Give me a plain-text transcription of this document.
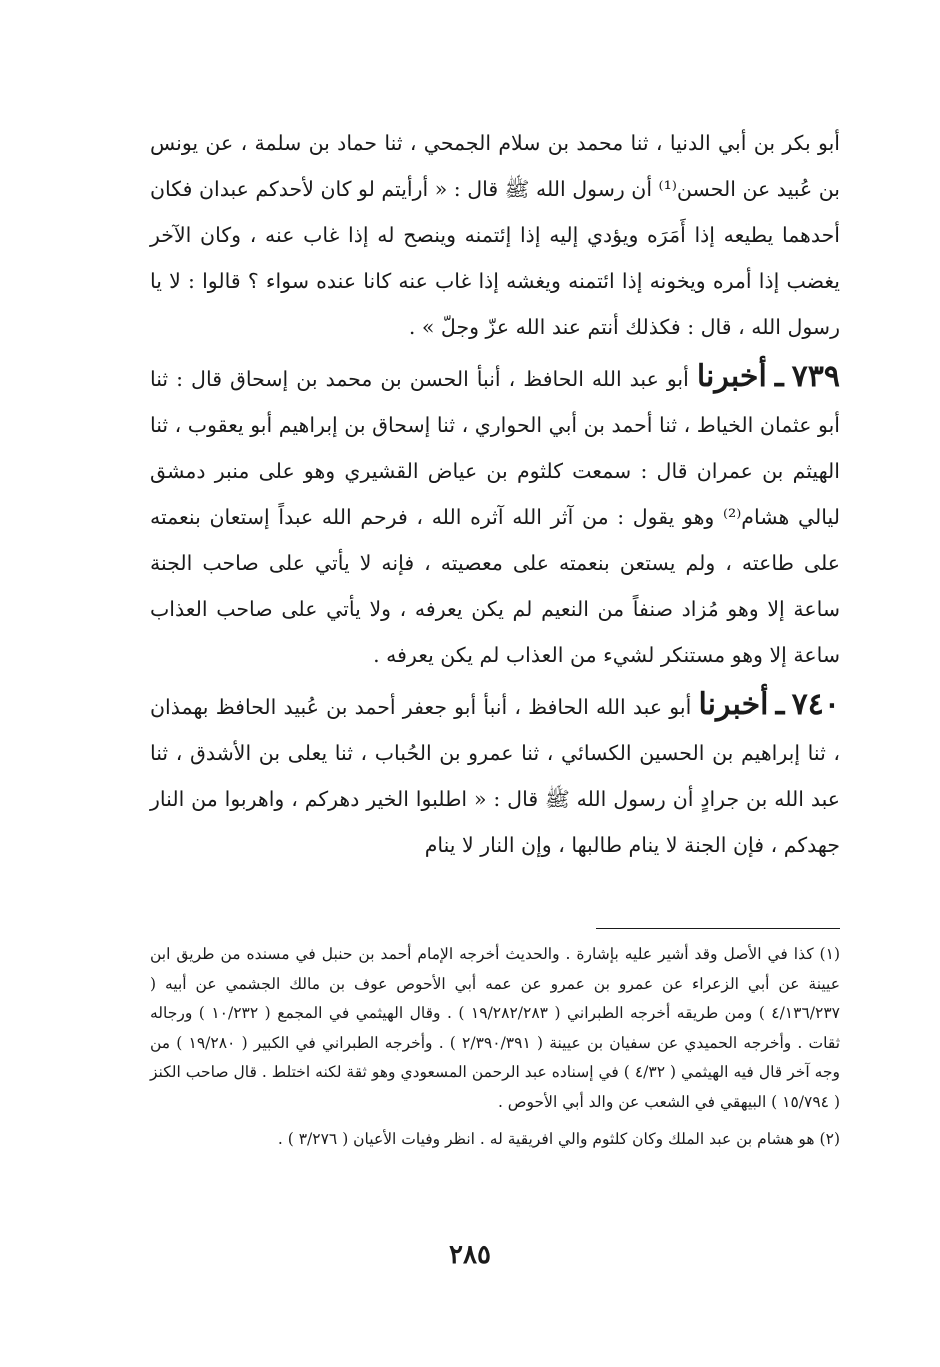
أبو بكر بن أبي الدنيا ، ثنا محمد بن سلام الجمحي ، ثنا حماد بن سلمة ، عن يونس بن عُبيد عن الحسن⁽¹⁾ أن رسول الله ﷺ قال : « أرأيتم لو كان لأحدكم عبدان فكان أحدهما يطيعه إذا أَمَرَه ويؤدي إليه إذا إئتمنه وينصح له إذا غاب عنه ، وكان الآخر يغضب إذا أمره ويخونه إذا ائتمنه ويغشه إذا غاب عنه كانا عنده سواء ؟ قالوا : لا يا رسول الله ، قال : فكذلك أنتم عند الله عزّ وجلّ » .

٧٣٩ ـ أخبرنا أبو عبد الله الحافظ ، أنبأ الحسن بن محمد بن إسحاق قال : ثنا أبو عثمان الخياط ، ثنا أحمد بن أبي الحواري ، ثنا إسحاق بن إبراهيم أبو يعقوب ، ثنا الهيثم بن عمران قال : سمعت كلثوم بن عياض القشيري وهو على منبر دمشق ليالي هشام⁽²⁾ وهو يقول : من آثر الله آثره الله ، فرحم الله عبداً إستعان بنعمته على طاعته ، ولم يستعن بنعمته على معصيته ، فإنه لا يأتي على صاحب الجنة ساعة إلا وهو مُزاد صنفاً من النعيم لم يكن يعرفه ، ولا يأتي على صاحب العذاب ساعة إلا وهو مستنكر لشيء من العذاب لم يكن يعرفه .

٧٤٠ ـ أخبرنا أبو عبد الله الحافظ ، أنبأ أبو جعفر أحمد بن عُبيد الحافظ بهمذان ، ثنا إبراهيم بن الحسين الكسائي ، ثنا عمرو بن الحُباب ، ثنا يعلى بن الأشدق ، ثنا عبد الله بن جرادٍ أن رسول الله ﷺ قال : « اطلبوا الخير دهركم ، واهربوا من النار جهدكم ، فإن الجنة لا ينام طالبها ، وإن النار لا ينام

(١) كذا في الأصل وقد أشير عليه بإشارة . والحديث أخرجه الإمام أحمد بن حنبل في مسنده من طريق ابن عيينة عن أبي الزعراء عن عمرو بن عمرو عن عمه أبي الأحوص عوف بن مالك الجشمي عن أبيه ( ٤/١٣٦/٢٣٧ ) ومن طريقه أخرجه الطبراني ( ١٩/٢٨٢/٢٨٣ ) . وقال الهيثمي في المجمع ( ١٠/٢٣٢ ) ورجاله ثقات . وأخرجه الحميدي عن سفيان بن عيينة ( ٢/٣٩٠/٣٩١ ) . وأخرجه الطبراني في الكبير ( ١٩/٢٨٠ ) من وجه آخر قال فيه الهيثمي ( ٤/٣٢ ) في إسناده عبد الرحمن المسعودي وهو ثقة لكنه اختلط . قال صاحب الكنز ( ١٥/٧٩٤ ) البيهقي في الشعب عن والد أبي الأحوص .

(٢) هو هشام بن عبد الملك وكان كلثوم والي افريقية له . انظر وفيات الأعيان ( ٣/٢٧٦ ) .

٢٨٥
